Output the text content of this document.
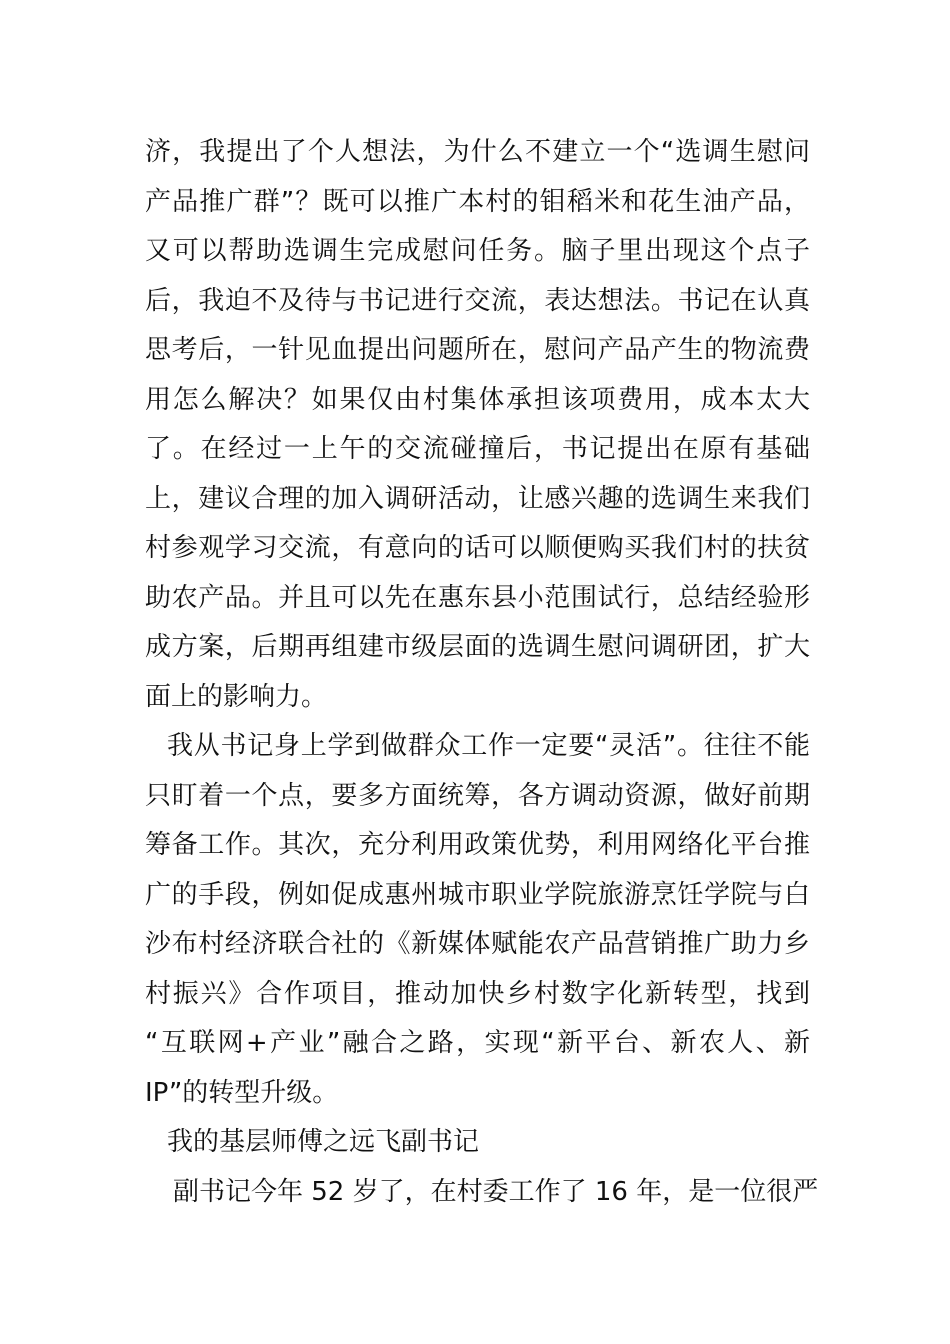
济，我提出了个人想法，为什么不建立一个“选调生慰问
产品推广群”？既可以推广本村的钼稻米和花生油产品，
又可以帮助选调生完成慰问任务。脑子里出现这个点子
后，我迫不及待与书记进行交流，表达想法。书记在认真
思考后，一针见血提出问题所在，慰问产品产生的物流费
用怎么解决？如果仅由村集体承担该项费用，成本太大
了。在经过一上午的交流碰撞后，书记提出在原有基础
上，建议合理的加入调研活动，让感兴趣的选调生来我们
村参观学习交流，有意向的话可以顺便购买我们村的扶贫
助农产品。并且可以先在惠东县小范围试行，总结经验形
成方案，后期再组建市级层面的选调生慰问调研团，扩大
面上的影响力。
我从书记身上学到做群众工作一定要“灵活”。往往不能
只盯着一个点，要多方面统筹，各方调动资源，做好前期
筹备工作。其次，充分利用政策优势，利用网络化平台推
广的手段，例如促成惠州城市职业学院旅游烹饪学院与白
沙布村经济联合社的《新媒体赋能农产品营销推广助力乡
村振兴》合作项目，推动加快乡村数字化新转型，找到
“互联网+产业”融合之路，实现“新平台、新农人、新
IP”的转型升级。
我的基层师傅之远飞副书记
副书记今年 52 岁了，在村委工作了 16 年，是一位很严
